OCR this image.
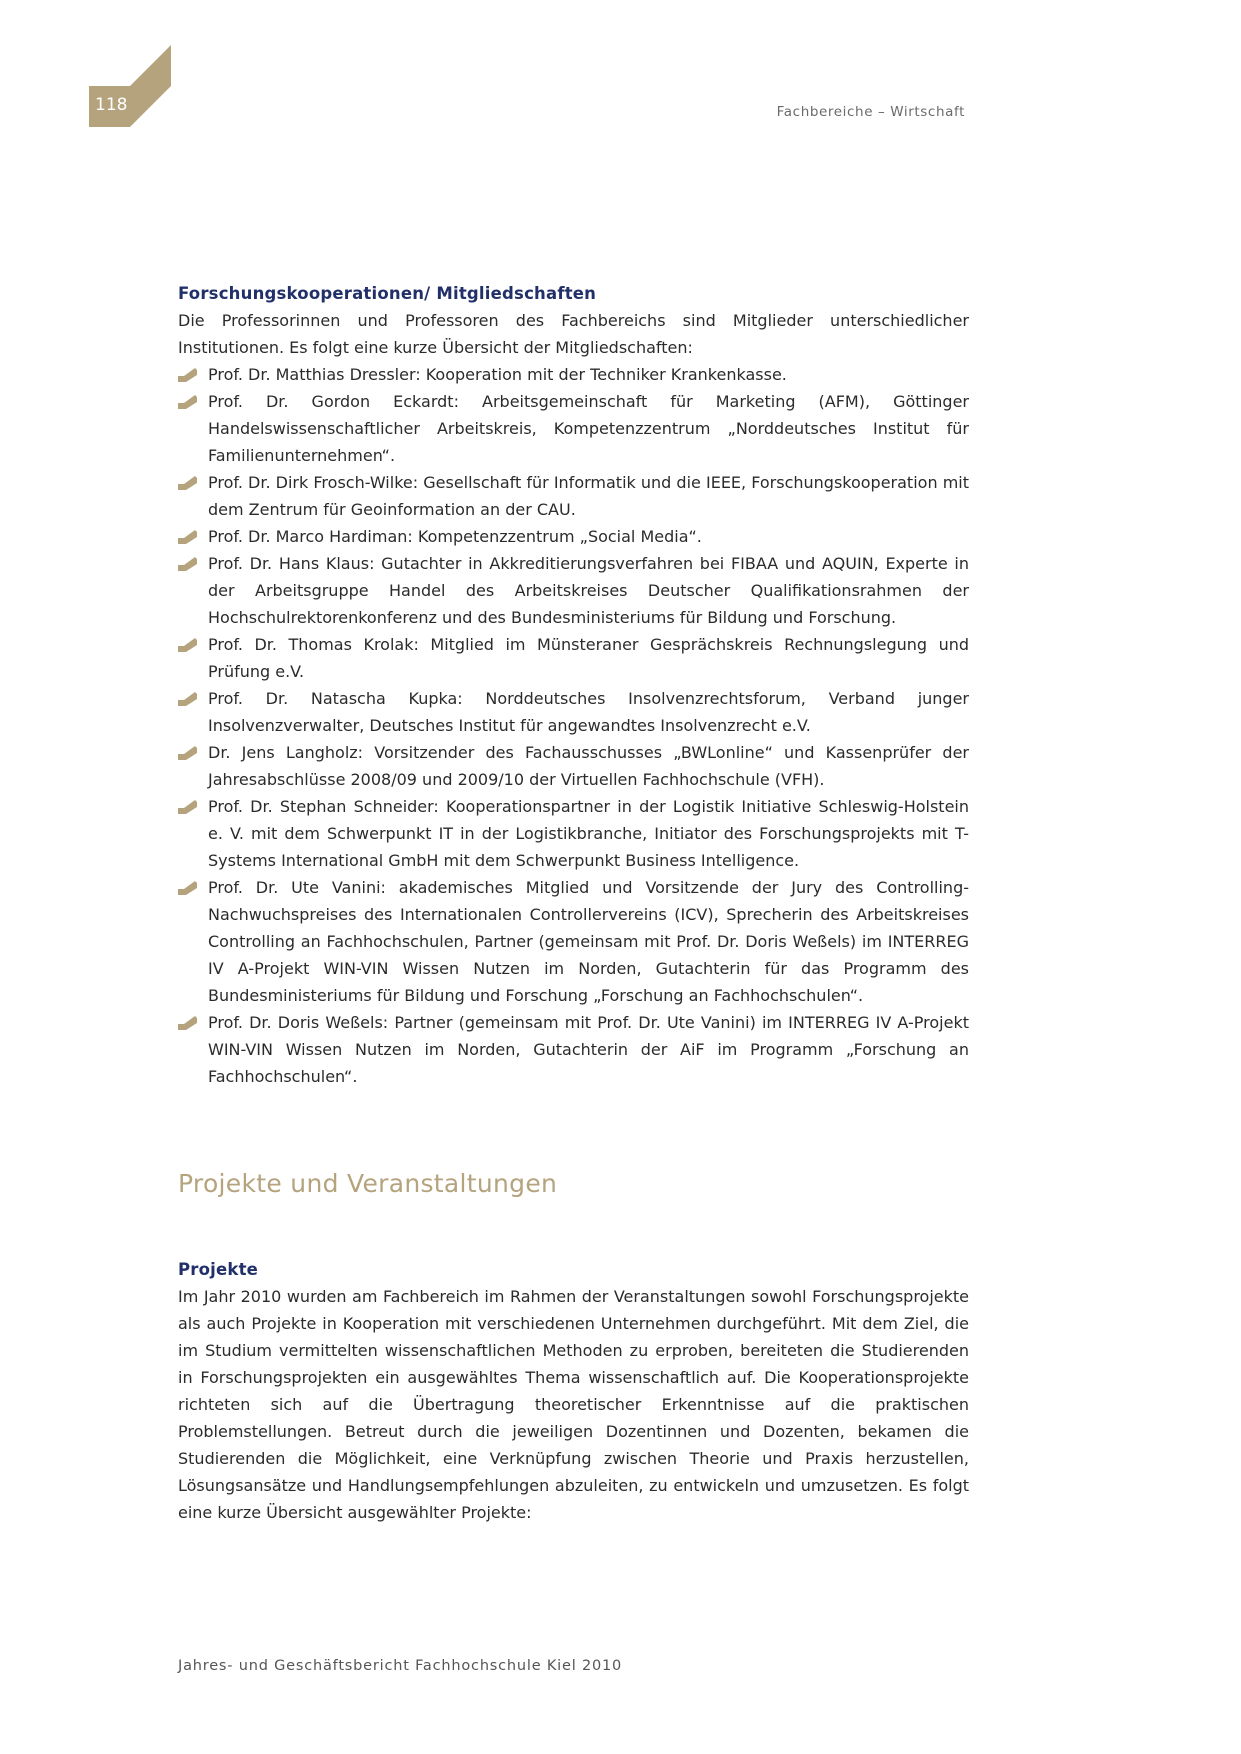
118	Fachbereiche – Wirtschaft
Forschungskooperationen/ Mitgliedschaften

Die Professorinnen und Professoren des Fachbereichs sind Mitglieder unterschiedlicher Institutionen. Es folgt eine kurze Übersicht der Mitgliedschaften:

Prof. Dr. Matthias Dressler: Kooperation mit der Techniker Krankenkasse.
Prof. Dr. Gordon Eckardt: Arbeitsgemeinschaft für Marketing (AFM), Göttinger Handelswissenschaftlicher Arbeitskreis, Kompetenzzentrum „Norddeutsches Institut für Familienunternehmen“.
Prof. Dr. Dirk Frosch-Wilke: Gesellschaft für Informatik und die IEEE, Forschungskooperation mit dem Zentrum für Geoinformation an der CAU.
Prof. Dr. Marco Hardiman: Kompetenzzentrum „Social Media“.
Prof. Dr. Hans Klaus: Gutachter in Akkreditierungsverfahren bei FIBAA und AQUIN, Experte in der Arbeitsgruppe Handel des Arbeitskreises Deutscher Qualifikationsrahmen der Hochschulrektorenkonferenz und des Bundesministeriums für Bildung und Forschung.
Prof. Dr. Thomas Krolak: Mitglied im Münsteraner Gesprächskreis Rechnungslegung und Prüfung e.V.
Prof. Dr. Natascha Kupka: Norddeutsches Insolvenzrechtsforum, Verband junger Insolvenzverwalter, Deutsches Institut für angewandtes Insolvenzrecht e.V.
Dr. Jens Langholz: Vorsitzender des Fachausschusses „BWLonline“ und Kassenprüfer der Jahresabschlüsse 2008/09 und 2009/10 der Virtuellen Fachhochschule (VFH).
Prof. Dr. Stephan Schneider: Kooperationspartner in der Logistik Initiative Schleswig-Holstein e. V. mit dem Schwerpunkt IT in der Logistikbranche, Initiator des Forschungsprojekts mit T-Systems International GmbH mit dem Schwerpunkt Business Intelligence.
Prof. Dr. Ute Vanini: akademisches Mitglied und Vorsitzende der Jury des Controlling-Nachwuchspreises des Internationalen Controllervereins (ICV), Sprecherin des Arbeitskreises Controlling an Fachhochschulen, Partner (gemeinsam mit Prof. Dr. Doris Weßels) im INTERREG IV A-Projekt WIN-VIN Wissen Nutzen im Norden, Gutachterin für das Programm des Bundesministeriums für Bildung und Forschung „Forschung an Fachhochschulen“.
Prof. Dr. Doris Weßels: Partner (gemeinsam mit Prof. Dr. Ute Vanini) im INTERREG IV A-Projekt WIN-VIN Wissen Nutzen im Norden, Gutachterin der AiF im Programm „Forschung an Fachhochschulen“.
Projekte und Veranstaltungen
Projekte

Im Jahr 2010 wurden am Fachbereich im Rahmen der Veranstaltungen sowohl Forschungsprojekte als auch Projekte in Kooperation mit verschiedenen Unternehmen durchgeführt. Mit dem Ziel, die im Studium vermittelten wissenschaftlichen Methoden zu erproben, bereiteten die Studierenden in Forschungsprojekten ein ausgewähltes Thema wissenschaftlich auf. Die Kooperationsprojekte richteten sich auf die Übertragung theoretischer Erkenntnisse auf die praktischen Problemstellungen. Betreut durch die jeweiligen Dozentinnen und Dozenten, bekamen die Studierenden die Möglichkeit, eine Verknüpfung zwischen Theorie und Praxis herzustellen, Lösungsansätze und Handlungsempfehlungen abzuleiten, zu entwickeln und umzusetzen. Es folgt eine kurze Übersicht ausgewählter Projekte:

Jahres- und Geschäftsbericht Fachhochschule Kiel 2010
